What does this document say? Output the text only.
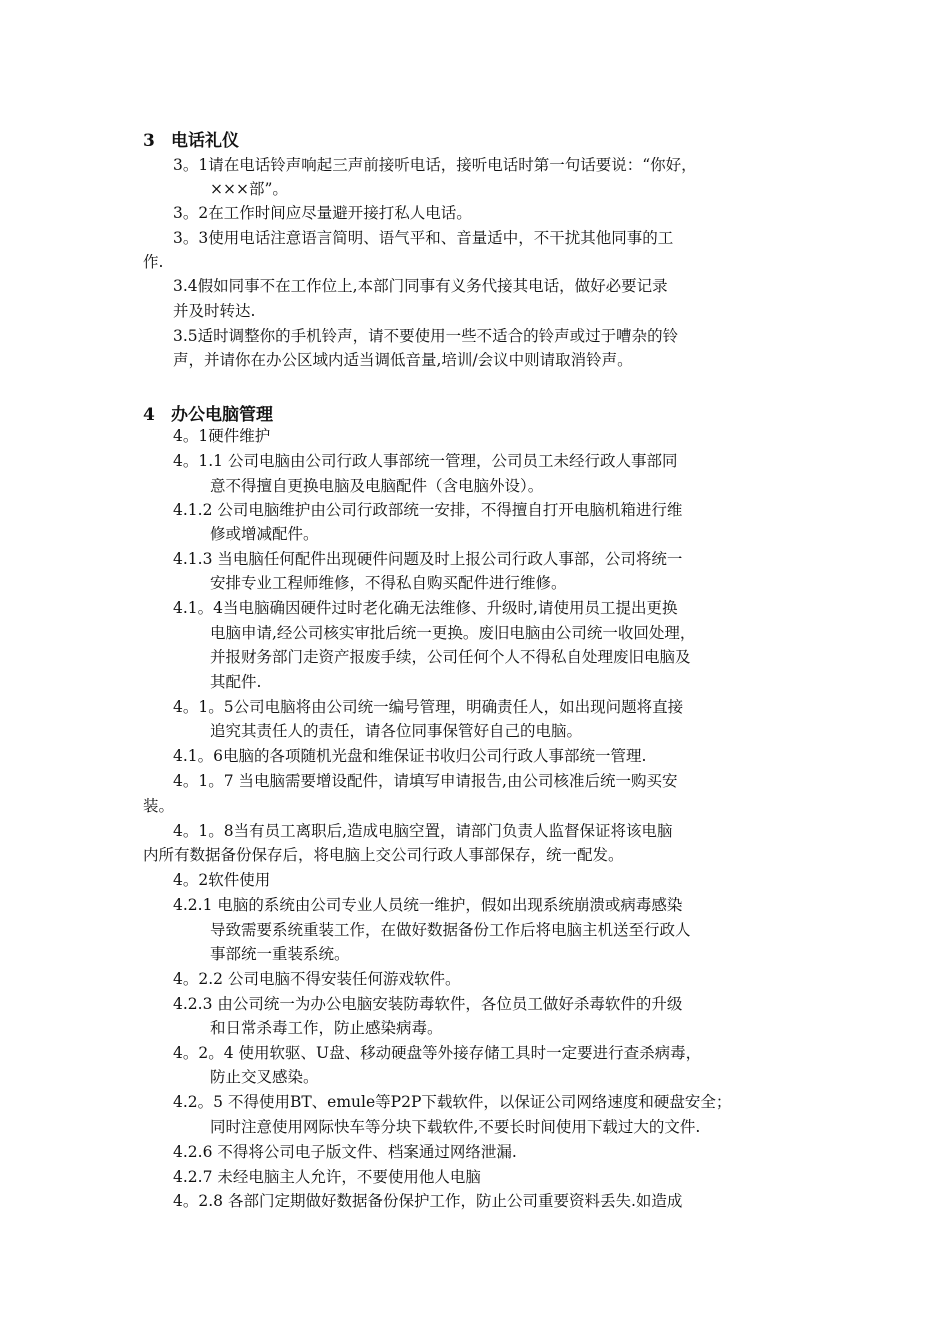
3 电话礼仪
3。1请在电话铃声响起三声前接听电话，接听电话时第一句话要说：“你好，
×××部”。
3。2在工作时间应尽量避开接打私人电话。
3。3使用电话注意语言简明、语气平和、音量适中，不干扰其他同事的工
作.
3.4假如同事不在工作位上,本部门同事有义务代接其电话，做好必要记录
并及时转达.
3.5适时调整你的手机铃声，请不要使用一些不适合的铃声或过于嘈杂的铃
声，并请你在办公区域内适当调低音量,培训/会议中则请取消铃声。
4 办公电脑管理
4。1硬件维护
4。1.1 公司电脑由公司行政人事部统一管理，公司员工未经行政人事部同
意不得擅自更换电脑及电脑配件（含电脑外设）。
4.1.2 公司电脑维护由公司行政部统一安排，不得擅自打开电脑机箱进行维
修或增减配件。
4.1.3 当电脑任何配件出现硬件问题及时上报公司行政人事部，公司将统一
安排专业工程师维修，不得私自购买配件进行维修。
4.1。4当电脑确因硬件过时老化确无法维修、升级时,请使用员工提出更换
电脑申请,经公司核实审批后统一更换。废旧电脑由公司统一收回处理，
并报财务部门走资产报废手续，公司任何个人不得私自处理废旧电脑及
其配件.
4。1。5公司电脑将由公司统一编号管理，明确责任人，如出现问题将直接
追究其责任人的责任，请各位同事保管好自己的电脑。
4.1。6电脑的各项随机光盘和维保证书收归公司行政人事部统一管理.
4。1。7 当电脑需要增设配件，请填写申请报告,由公司核准后统一购买安
装。
4。1。8当有员工离职后,造成电脑空置，请部门负责人监督保证将该电脑
内所有数据备份保存后，将电脑上交公司行政人事部保存，统一配发。
4。2软件使用
4.2.1 电脑的系统由公司专业人员统一维护，假如出现系统崩溃或病毒感染
导致需要系统重装工作，在做好数据备份工作后将电脑主机送至行政人
事部统一重装系统。
4。2.2 公司电脑不得安装任何游戏软件。
4.2.3 由公司统一为办公电脑安装防毒软件，各位员工做好杀毒软件的升级
和日常杀毒工作，防止感染病毒。
4。2。4 使用软驱、U盘、移动硬盘等外接存储工具时一定要进行查杀病毒，
防止交叉感染。
4.2。5 不得使用BT、emule等P2P下载软件，以保证公司网络速度和硬盘安全；
同时注意使用网际快车等分块下载软件,不要长时间使用下载过大的文件.
4.2.6 不得将公司电子版文件、档案通过网络泄漏.
4.2.7 未经电脑主人允许，不要使用他人电脑
4。2.8 各部门定期做好数据备份保护工作，防止公司重要资料丢失.如造成
